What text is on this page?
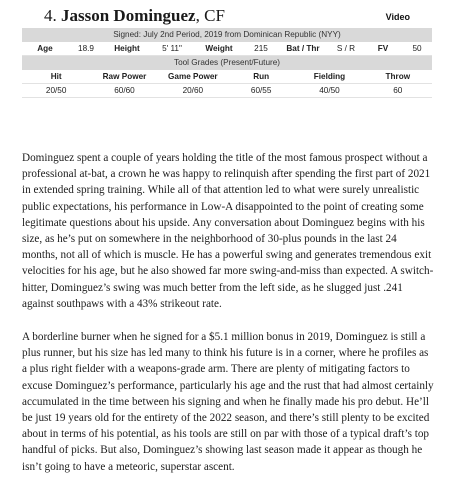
4. Jasson Dominguez, CF	Video
Signed: July 2nd Period, 2019 from Dominican Republic (NYY)
Age	18.9	Height	5' 11"	Weight	215	Bat / Thr	S / R	FV	50
Tool Grades (Present/Future)
Hit	Raw Power	Game Power	Run	Fielding	Throw
20/50	60/60	20/60	60/55	40/50	60

Dominguez spent a couple of years holding the title of the most famous prospect without a professional at-bat, a crown he was happy to relinquish after spending the first part of 2021 in extended spring training. While all of that attention led to what were surely unrealistic public expectations, his performance in Low-A disappointed to the point of creating some legitimate questions about his upside. Any conversation about Dominguez begins with his size, as he’s put on somewhere in the neighborhood of 30-plus pounds in the last 24 months, not all of which is muscle. He has a powerful swing and generates tremendous exit velocities for his age, but he also showed far more swing-and-miss than expected. A switch-hitter, Dominguez’s swing was much better from the left side, as he slugged just .241 against southpaws with a 43% strikeout rate.

A borderline burner when he signed for a $5.1 million bonus in 2019, Dominguez is still a plus runner, but his size has led many to think his future is in a corner, where he profiles as a plus right fielder with a weapons-grade arm. There are plenty of mitigating factors to excuse Dominguez’s performance, particularly his age and the rust that had almost certainly accumulated in the time between his signing and when he finally made his pro debut. He’ll be just 19 years old for the entirety of the 2022 season, and there’s still plenty to be excited about in terms of his potential, as his tools are still on par with those of a typical draft’s top handful of picks. But also, Dominguez’s showing last season made it appear as though he isn’t going to have a meteoric, superstar ascent.
